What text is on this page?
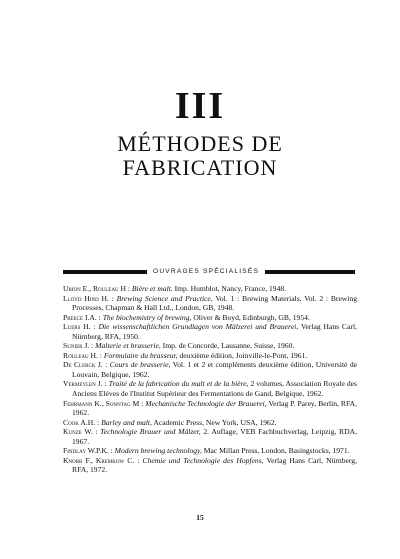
III
MÉTHODES DE
FABRICATION
OUVRAGES SPÉCIALISÉS

Urion E., Rouleau H : Bière et malt. Imp. Humblot, Nancy, France, 1948.

Lloyd Hind H. : Brewing Science and Practice, Vol. 1 : Brewing Materials, Vol. 2 : Brewing Processes, Chapman & Hall Ltd., London, GB, 1948.

Preece I.A. : The biochemistry of brewing, Oliver & Boyd, Edinburgh, GB, 1954.

Luers H. : Die wissenschaftlichen Grundlagen von Mälzerei und Brauerei, Verlag Hans Carl, Nürnberg, RFA, 1950.

Sunier J. : Malterie et brasserie, Imp. de Concorde, Lausanne, Suisse, 1960.

Rouleau H. : Formulaire du brasseur, deuxième édition, Joinville-le-Pont, 1961.

De Clerck J. : Cours de brasserie, Vol. 1 et 2 et compléments deuxième édition, Université de Louvain, Belgique, 1962.

Vermeylen J. : Traité de la fabrication du malt et de la bière, 2 volumes, Association Royale des Anciens Elèves de l'Institut Supérieur des Fermentations de Gand, Belgique, 1962.

Fehrmann K., Sonntag M : Mechanische Technologie der Brauerei, Verlag P. Parey, Berlin, RFA, 1962.

Cook A.H. : Barley and malt, Academic Press, New York, USA, 1962.

Kunze W. : Technologie Brauer und Mälzer, 2. Auflage, VEB Fachbuchverlag, Leipzig, RDA, 1967.

Findlay W.P.K. : Modern brewing technology, Mac Millan Press, London, Basingstocks, 1971.

Knorr F., Kremkow C. : Chemie und Technologie des Hopfens, Verlag Hans Carl, Nürnberg, RFA, 1972.

15
